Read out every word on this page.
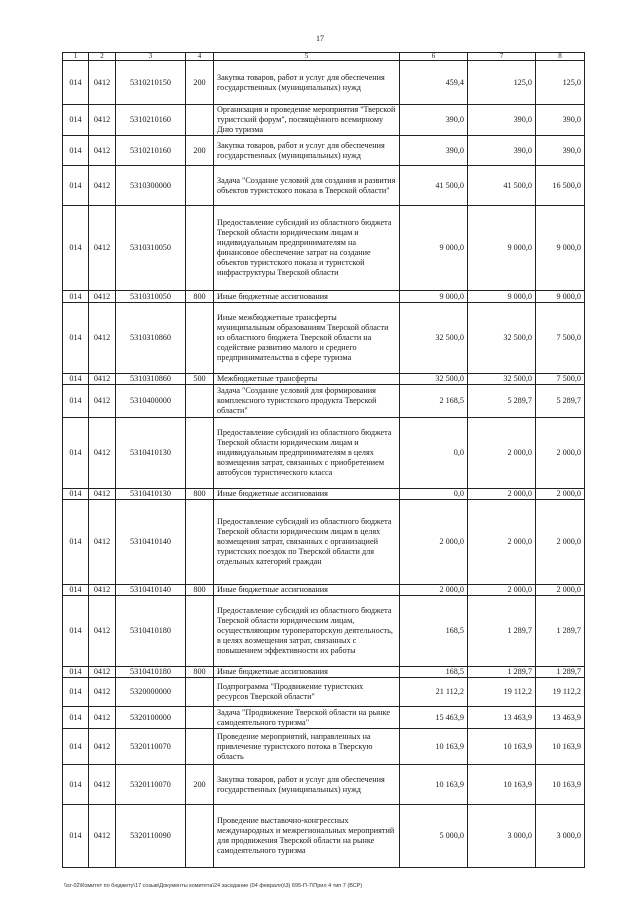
17
1	2	3	4	5	6	7	8
014	0412	5310210150	200	Закупка товаров, работ и услуг для обеспечения государственных (муниципальных) нужд	459,4	125,0	125,0
014	0412	5310210160		Организация и проведение мероприятия "Тверской туристский форум", посвящённого всемирному Дню туризма	390,0	390,0	390,0
014	0412	5310210160	200	Закупка товаров, работ и услуг для обеспечения государственных (муниципальных) нужд	390,0	390,0	390,0
014	0412	5310300000		Задача "Создание условий для создания и развития объектов туристского показа в Тверской области"	41 500,0	41 500,0	16 500,0
014	0412	5310310050		Предоставление субсидий из областного бюджета Тверской области юридическим лицам и индивидуальным предпринимателям на финансовое обеспечение затрат на создание объектов туристского показа и туристской инфраструктуры Тверской области	9 000,0	9 000,0	9 000,0
014	0412	5310310050	800	Иные бюджетные ассигнования	9 000,0	9 000,0	9 000,0
014	0412	5310310860		Иные межбюджетные трансферты муниципальным образованиям Тверской области из областного бюджета Тверской области на содействие развитию малого и среднего предпринимательства в сфере туризма	32 500,0	32 500,0	7 500,0
014	0412	5310310860	500	Межбюджетные трансферты	32 500,0	32 500,0	7 500,0
014	0412	5310400000		Задача "Создание условий для формирования комплексного туристского продукта Тверской области"	2 168,5	5 289,7	5 289,7
014	0412	5310410130		Предоставление субсидий из областного бюджета Тверской области юридическим лицам и индивидуальным предпринимателям в целях возмещения затрат, связанных с приобретением автобусов туристического класса	0,0	2 000,0	2 000,0
014	0412	5310410130	800	Иные бюджетные ассигнования	0,0	2 000,0	2 000,0
014	0412	5310410140		Предоставление субсидий из областного бюджета Тверской области юридическим лицам в целях возмещения затрат, связанных с организацией туристских поездок по Тверской области для отдельных категорий граждан	2 000,0	2 000,0	2 000,0
014	0412	5310410140	800	Иные бюджетные ассигнования	2 000,0	2 000,0	2 000,0
014	0412	5310410180		Предоставление субсидий из областного бюджета Тверской области юридическим лицам, осуществляющим туроператорскую деятельность, в целях возмещения затрат, связанных с повышением эффективности их работы	168,5	1 289,7	1 289,7
014	0412	5310410180	800	Иные бюджетные ассигнования	168,5	1 289,7	1 289,7
014	0412	5320000000		Подпрограмма "Продвижение туристских ресурсов Тверской области"	21 112,2	19 112,2	19 112,2
014	0412	5320100000		Задача "Продвижение Тверской области на рынке самодеятельного туризма"	15 463,9	13 463,9	13 463,9
014	0412	5320110070		Проведение мероприятий, направленных на привлечение туристского потока в Тверскую область	10 163,9	10 163,9	10 163,9
014	0412	5320110070	200	Закупка товаров, работ и услуг для обеспечения государственных (муниципальных) нужд	10 163,9	10 163,9	10 163,9
014	0412	5320110090		Проведение выставочно-конгрессных международных и межрегиональных мероприятий для продвижения Тверской области на рынке самодеятельного туризма	5 000,0	3 000,0	3 000,0
\\sr-02\Комитет по бюджету\17 созыв\Документы комитета\24 заседание (04 февраля)\3) 695-П-7\Прил 4 тип 7 (ВСР)
